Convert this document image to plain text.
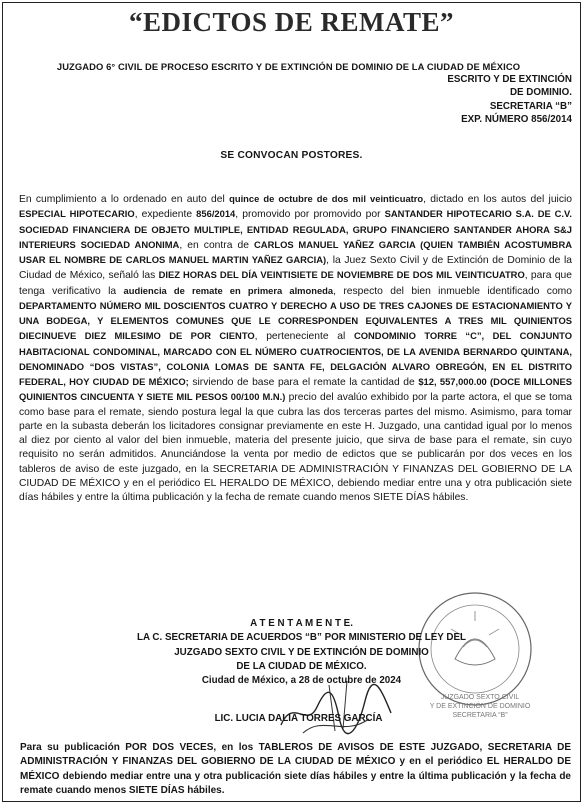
“EDICTOS DE REMATE”
JUZGADO 6° CIVIL DE PROCESO ESCRITO Y DE EXTINCIÓN DE DOMINIO DE LA CIUDAD DE MÉXICO
ESCRITO Y DE EXTINCIÓN
DE DOMINIO.
SECRETARIA “B”
EXP. NÚMERO 856/2014
SE CONVOCAN POSTORES.
En cumplimiento a lo ordenado en auto del quince de octubre de dos mil veinticuatro, dictado en los autos del juicio ESPECIAL HIPOTECARIO, expediente 856/2014, promovido por promovido por SANTANDER HIPOTECARIO S.A. DE C.V. SOCIEDAD FINANCIERA DE OBJETO MULTIPLE, ENTIDAD REGULADA, GRUPO FINANCIERO SANTANDER AHORA S&J INTERIEURS SOCIEDAD ANONIMA, en contra de CARLOS MANUEL YAÑEZ GARCIA (QUIEN TAMBIÉN ACOSTUMBRA USAR EL NOMBRE DE CARLOS MANUEL MARTIN YAÑEZ GARCIA), la Juez Sexto Civil y de Extinción de Dominio de la Ciudad de México, señaló las DIEZ HORAS DEL DÍA VEINTISIETE DE NOVIEMBRE DE DOS MIL VEINTICUATRO, para que tenga verificativo la audiencia de remate en primera almoneda, respecto del bien inmueble identificado como DEPARTAMENTO NÚMERO MIL DOSCIENTOS CUATRO Y DERECHO A USO DE TRES CAJONES DE ESTACIONAMIENTO Y UNA BODEGA, Y ELEMENTOS COMUNES QUE LE CORRESPONDEN EQUIVALENTES A TRES MIL QUINIENTOS DIECINUEVE DIEZ MILESIMO DE POR CIENTO, perteneciente al CONDOMINIO TORRE “C”, DEL CONJUNTO HABITACIONAL CONDOMINAL, MARCADO CON EL NÚMERO CUATROCIENTOS, DE LA AVENIDA BERNARDO QUINTANA, DENOMINADO “DOS VISTAS”, COLONIA LOMAS DE SANTA FE, DELGACIÓN ALVARO OBREGÓN, EN EL DISTRITO FEDERAL, HOY CIUDAD DE MÉXICO; sirviendo de base para el remate la cantidad de $12, 557,000.00 (DOCE MILLONES QUINIENTOS CINCUENTA Y SIETE MIL PESOS 00/100 M.N.) precio del avalúo exhibido por la parte actora, el que se toma como base para el remate, siendo postura legal la que cubra las dos terceras partes del mismo. Asimismo, para tomar parte en la subasta deberán los licitadores consignar previamente en este H. Juzgado, una cantidad igual por lo menos al diez por ciento al valor del bien inmueble, materia del presente juicio, que sirva de base para el remate, sin cuyo requisito no serán admitidos. Anunciándose la venta por medio de edictos que se publicarán por dos veces en los tableros de aviso de este juzgado, en la SECRETARIA DE ADMINISTRACIÓN Y FINANZAS DEL GOBIERNO DE LA CIUDAD DE MÉXICO y en el periódico EL HERALDO DE MÉXICO, debiendo mediar entre una y otra publicación siete días hábiles y entre la última publicación y la fecha de remate cuando menos SIETE DÍAS hábiles.
JUZGADO SEXTO CIVIL
Y DE EXTINCIÓN DE DOMINIO
SECRETARIA “B”
A T E N T A M E N T E.
LA C. SECRETARIA DE ACUERDOS “B” POR MINISTERIO DE LEY DEL
JUZGADO SEXTO CIVIL Y DE EXTINCIÓN DE DOMINIO
DE LA CIUDAD DE MÉXICO.
Ciudad de México, a 28 de octubre de 2024
LIC. LUCIA DALIA TORRES GARCÍA
Para su publicación POR DOS VECES, en los TABLEROS DE AVISOS DE ESTE JUZGADO, SECRETARIA DE ADMINISTRACIÓN Y FINANZAS DEL GOBIERNO DE LA CIUDAD DE MÉXICO y en el periódico EL HERALDO DE MÉXICO debiendo mediar entre una y otra publicación siete días hábiles y entre la última publicación y la fecha de remate cuando menos SIETE DÍAS hábiles.
